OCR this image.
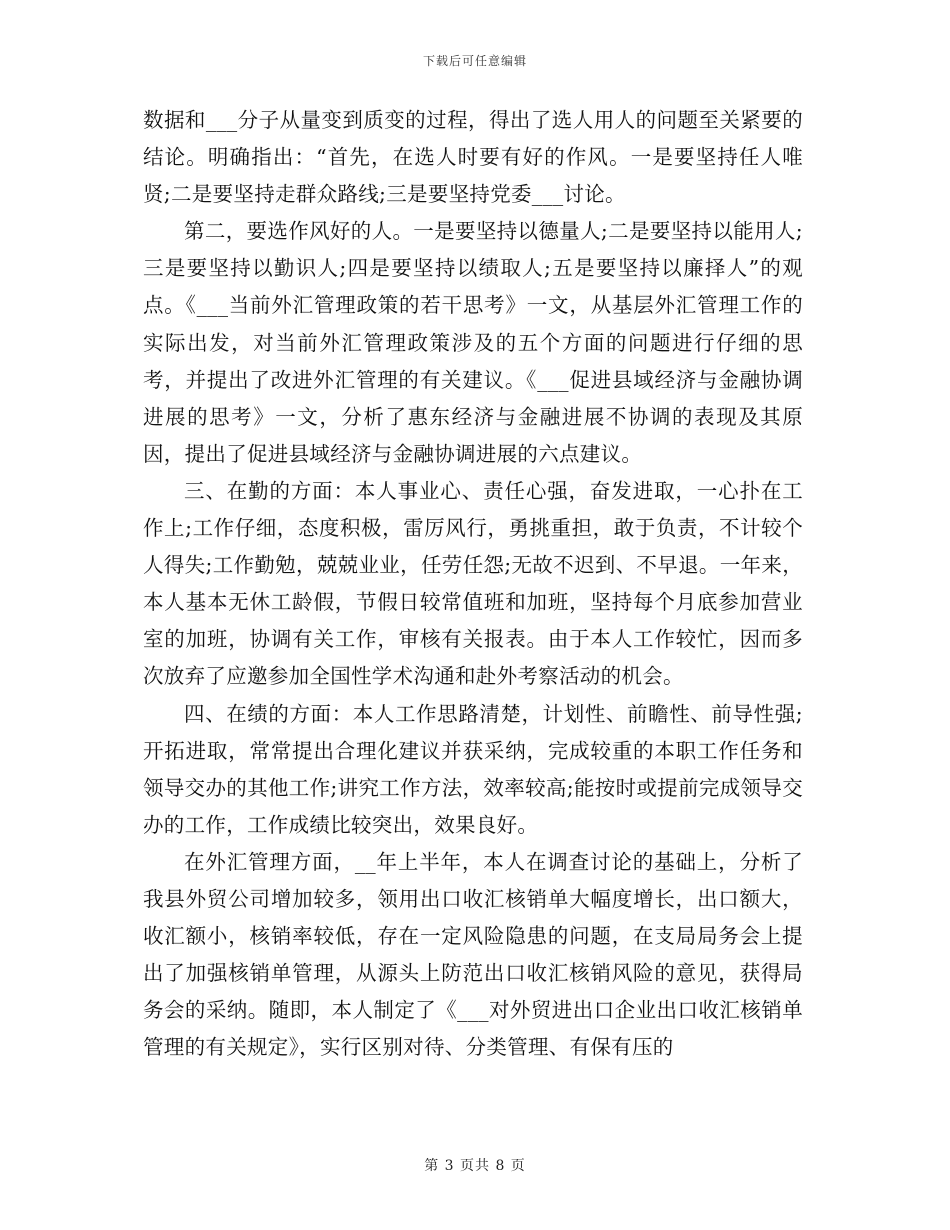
下载后可任意编辑

数据和___分子从量变到质变的过程，得出了选人用人的问题至关紧要的结论。明确指出：“首先，在选人时要有好的作风。一是要坚持任人唯贤;二是要坚持走群众路线;三是要坚持党委___讨论。

第二，要选作风好的人。一是要坚持以德量人;二是要坚持以能用人;三是要坚持以勤识人;四是要坚持以绩取人;五是要坚持以廉择人”的观点。《___当前外汇管理政策的若干思考》一文，从基层外汇管理工作的实际出发，对当前外汇管理政策涉及的五个方面的问题进行仔细的思考，并提出了改进外汇管理的有关建议。《___促进县域经济与金融协调进展的思考》一文，分析了惠东经济与金融进展不协调的表现及其原因，提出了促进县域经济与金融协调进展的六点建议。

三、在勤的方面：本人事业心、责任心强，奋发进取，一心扑在工作上;工作仔细，态度积极，雷厉风行，勇挑重担，敢于负责，不计较个人得失;工作勤勉，兢兢业业，任劳任怨;无故不迟到、不早退。一年来，本人基本无休工龄假，节假日较常值班和加班，坚持每个月底参加营业室的加班，协调有关工作，审核有关报表。由于本人工作较忙，因而多次放弃了应邀参加全国性学术沟通和赴外考察活动的机会。

四、在绩的方面：本人工作思路清楚，计划性、前瞻性、前导性强;开拓进取，常常提出合理化建议并获采纳，完成较重的本职工作任务和领导交办的其他工作;讲究工作方法，效率较高;能按时或提前完成领导交办的工作，工作成绩比较突出，效果良好。

在外汇管理方面，__年上半年，本人在调查讨论的基础上，分析了我县外贸公司增加较多，领用出口收汇核销单大幅度增长，出口额大，收汇额小，核销率较低，存在一定风险隐患的问题，在支局局务会上提出了加强核销单管理，从源头上防范出口收汇核销风险的意见，获得局务会的采纳。随即，本人制定了《___对外贸进出口企业出口收汇核销单管理的有关规定》，实行区别对待、分类管理、有保有压的

第 3 页共 8 页
